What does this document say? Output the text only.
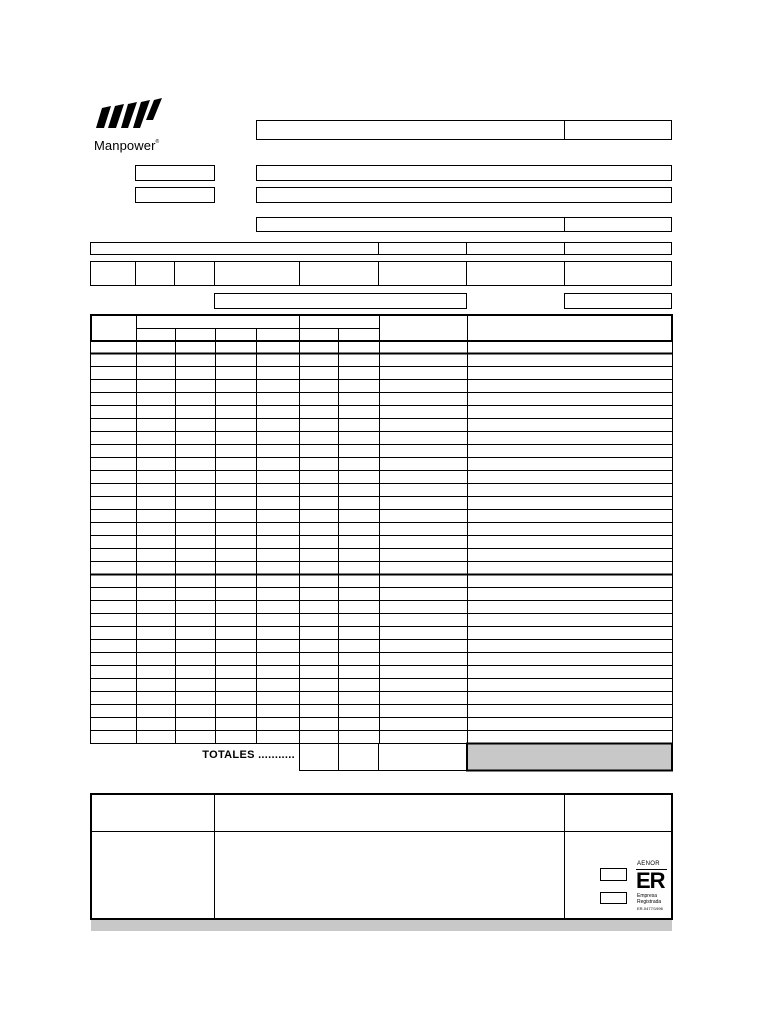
Manpower®
TOTALES ...........
AENOR
ER
Empresa
Registrada
ER-0477/1996
